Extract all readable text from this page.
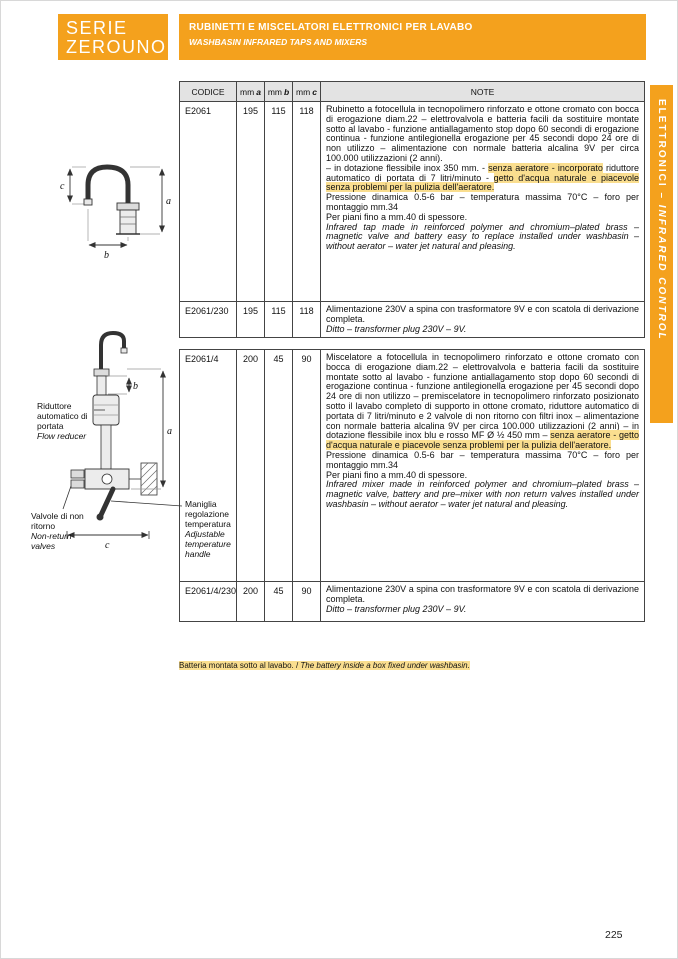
SERIE
ZEROUNO
RUBINETTI E MISCELATORI ELETTRONICI PER LAVABO
WASHBASIN INFRARED TAPS AND MIXERS
ELETTRONICI – INFRARED CONTROL
a
c
b
b
a
c
Riduttore automatico di portata
Flow reducer
Valvole di non ritorno
Non-return valves
Maniglia regolazione temperatura
Adjustable temperature handle
CODICE	mm a	mm b	mm c	NOTE
E2061	195	115	118	Rubinetto a fotocellula in tecnopolimero rinforzato e ottone cromato con bocca di erogazione diam.22 – elettrovalvola e batteria facili da sostituire montate sotto al lavabo - funzione antiallagamento stop dopo 60 secondi di erogazione continua - funzione antilegionella erogazione per 45 secondi dopo 24 ore di non utilizzo – alimentazione con normale batteria alcalina 9V per circa 100.000 utilizzazioni (2 anni).
– in dotazione flessibile inox 350 mm. - senza aeratore - incorporato riduttore automatico di portata di 7 litri/minuto - getto d'acqua naturale e piacevole senza problemi per la pulizia dell'aeratore.
Pressione dinamica 0.5-6 bar – temperatura massima 70°C – foro per montaggio mm.34
Per piani fino a mm.40 di spessore.
Infrared tap made in reinforced polymer and chromium–plated brass – magnetic valve and battery easy to replace installed under washbasin – without aerator – water jet natural and pleasing.

E2061/230	195	115	118	Alimentazione 230V a spina con trasformatore 9V e con scatola di derivazione completa.
Ditto – transformer plug 230V – 9V.
E2061/4	200	45	90	Miscelatore a fotocellula in tecnopolimero rinforzato e ottone cromato con bocca di erogazione diam.22 – elettrovalvola e batteria facili da sostituire montate sotto al lavabo - funzione antiallagamento stop dopo 60 secondi di erogazione continua - funzione antilegionella erogazione per 45 secondi dopo 24 ore di non utilizzo – premiscelatore in tecnopolimero rinforzato posizionato sotto il lavabo completo di supporto in ottone cromato, riduttore automatico di portata di 7 litri/minuto e 2 valvole di non ritorno con filtri inox – alimentazione con normale batteria alcalina 9V per circa 100.000 utilizzazioni (2 anni) – in dotazione flessibile inox blu e rosso MF Ø ½ 450 mm – senza aeratore - getto d'acqua naturale e piacevole senza problemi per la pulizia dell'aeratore.
Pressione dinamica 0.5-6 bar – temperatura massima 70°C – foro per montaggio mm.34
Per piani fino a mm.40 di spessore.
Infrared mixer made in reinforced polymer and chromium–plated brass – magnetic valve, battery and pre–mixer with non return valves installed under washbasin – without aerator – water jet natural and pleasing.

E2061/4/230	200	45	90	Alimentazione 230V a spina con trasformatore 9V e con scatola di derivazione completa.
Ditto – transformer plug 230V – 9V.
Batteria montata sotto al lavabo. / The battery inside a box fixed under washbasin.
225
